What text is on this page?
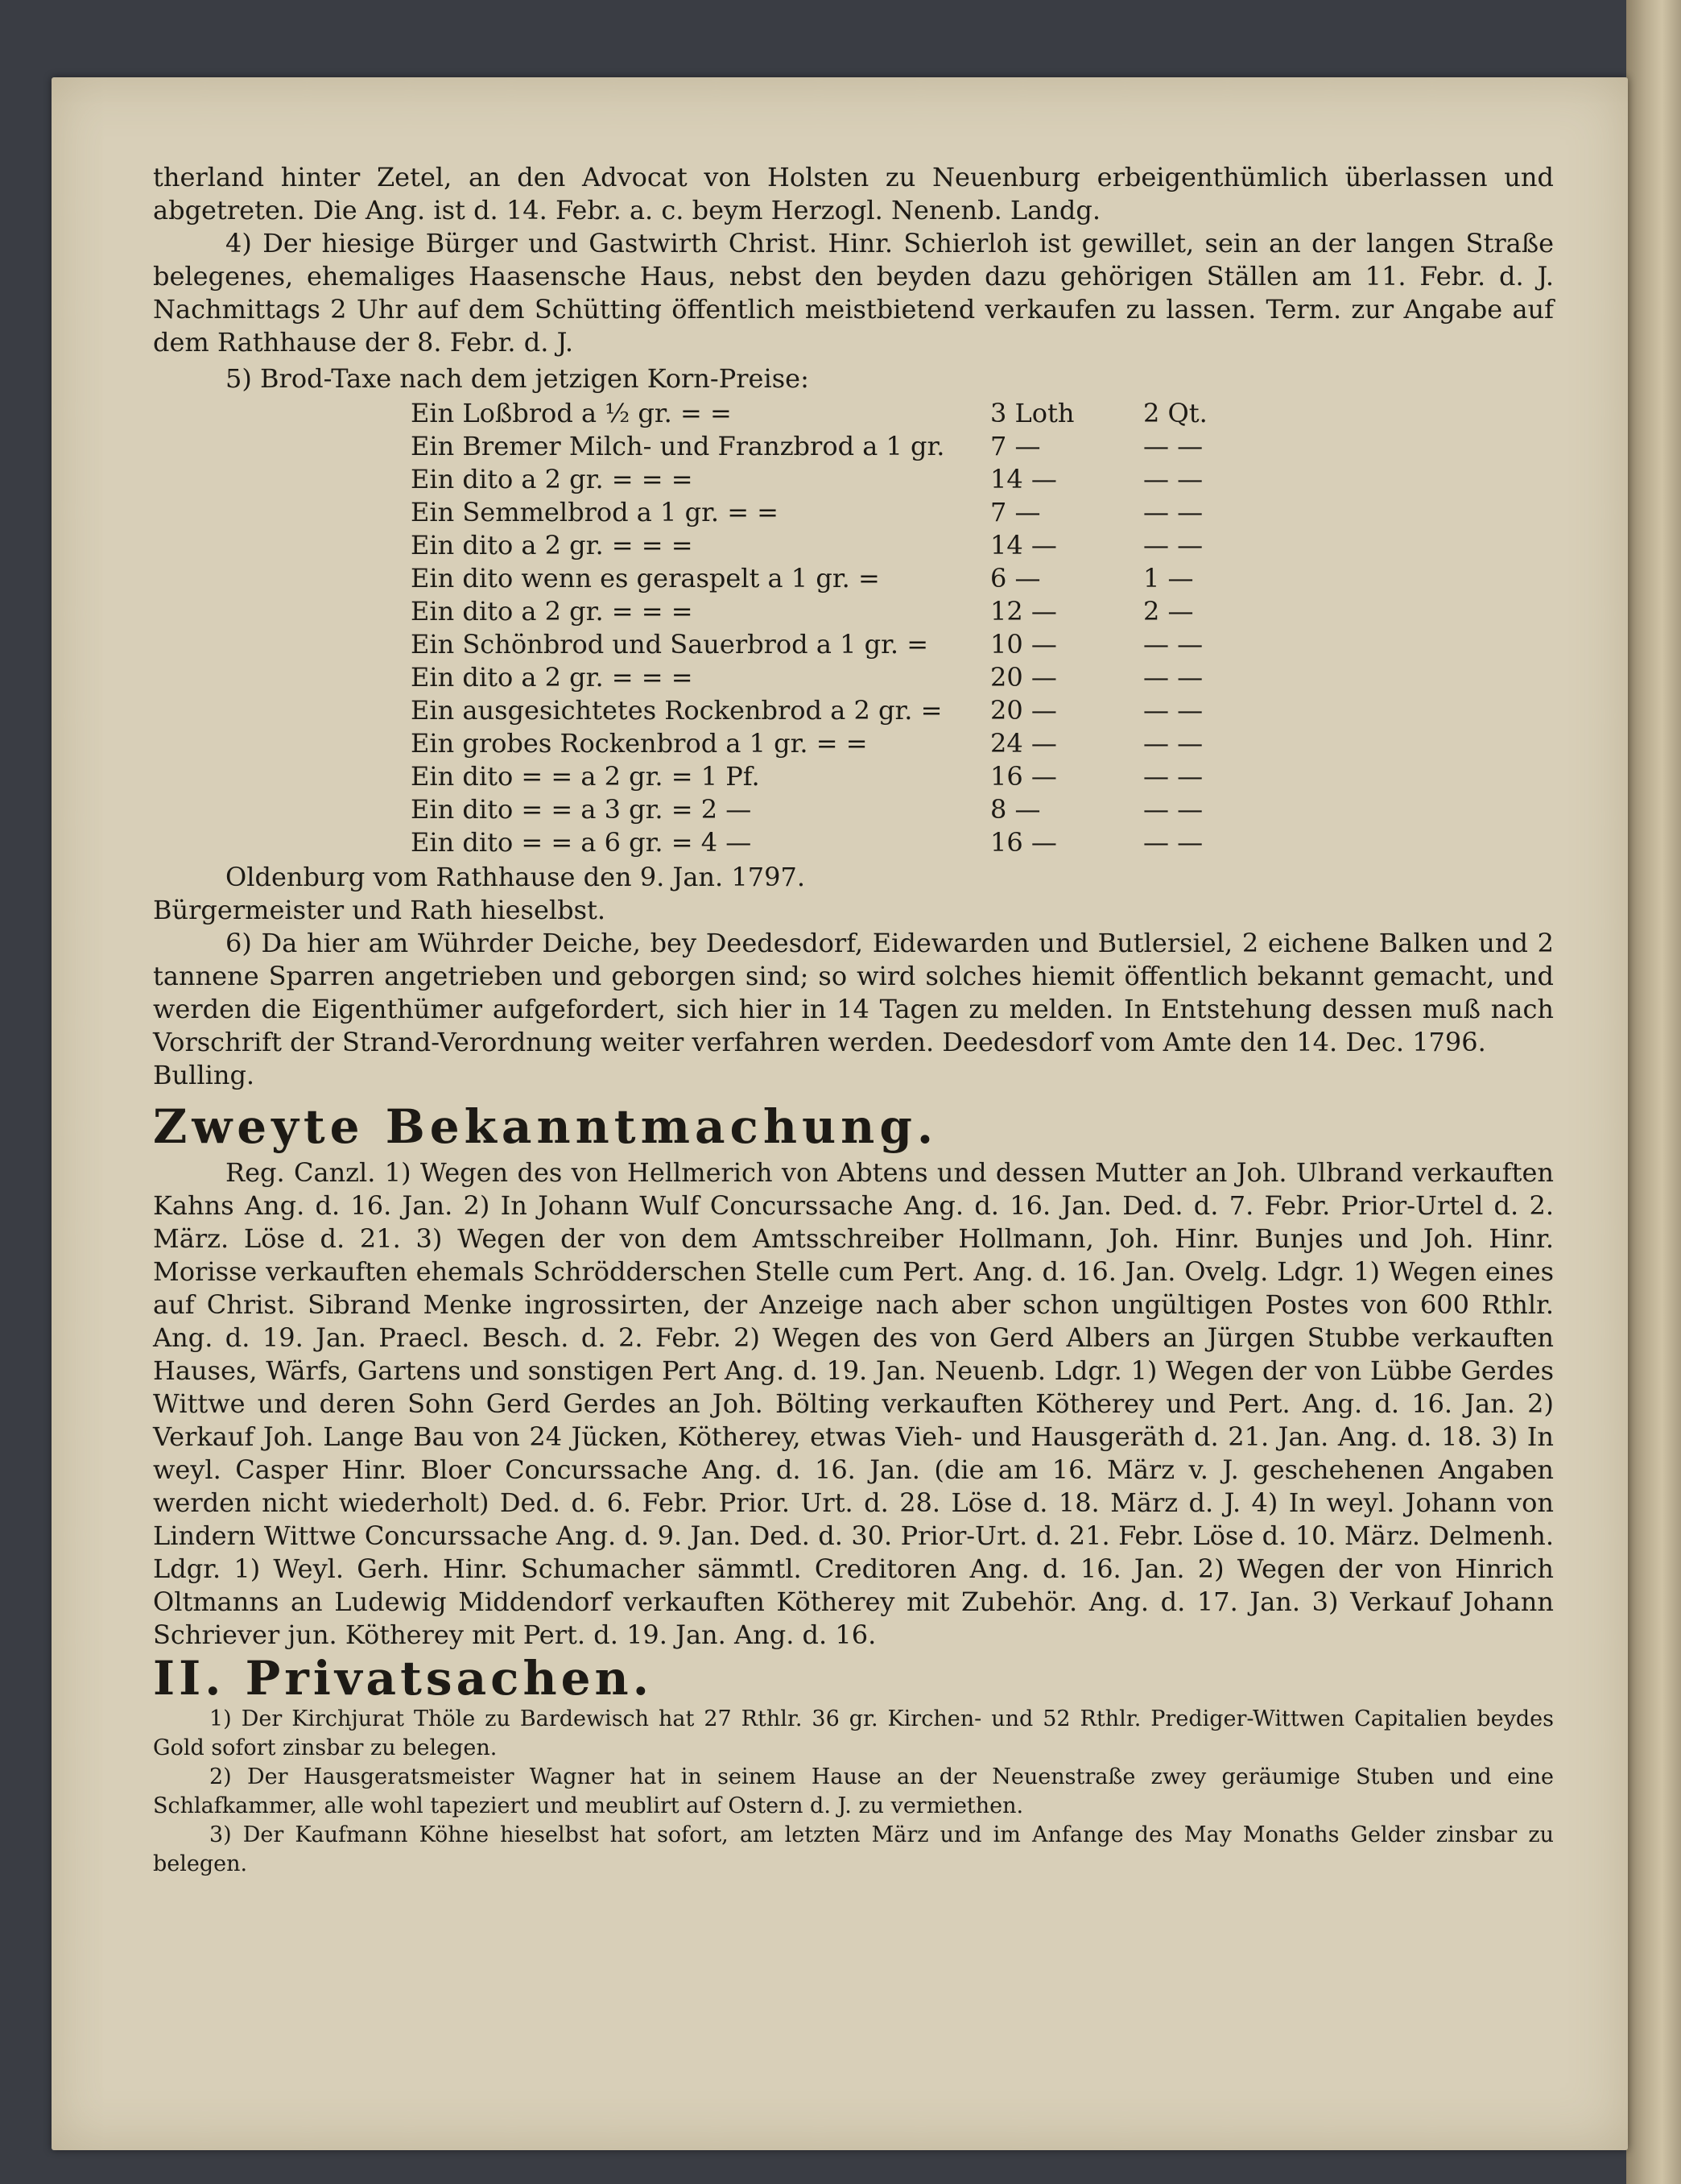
therland hinter Zetel, an den Advocat von Holsten zu Neuenburg erbeigenthümlich überlassen und abgetreten. Die Ang. ist d. 14. Febr. a. c. beym Herzogl. Nenenb. Landg.

4) Der hiesige Bürger und Gastwirth Christ. Hinr. Schierloh ist gewillet, sein an der langen Straße belegenes, ehemaliges Haasensche Haus, nebst den beyden dazu gehörigen Ställen am 11. Febr. d. J. Nachmittags 2 Uhr auf dem Schütting öffentlich meistbietend verkaufen zu lassen. Term. zur Angabe auf dem Rathhause der 8. Febr. d. J.

5) Brod-Taxe nach dem jetzigen Korn-Preise:

Ein Loßbrod a ½ gr. = =	3 Loth	2 Qt.
Ein Bremer Milch- und Franzbrod a 1 gr.	7 —	— —
Ein dito a 2 gr. = = =	14 —	— —
Ein Semmelbrod a 1 gr. = =	7 —	— —
Ein dito a 2 gr. = = =	14 —	— —
Ein dito wenn es geraspelt a 1 gr. =	6 —	1 —
Ein dito a 2 gr. = = =	12 —	2 —
Ein Schönbrod und Sauerbrod a 1 gr. =	10 —	— —
Ein dito a 2 gr. = = =	20 —	— —
Ein ausgesichtetes Rockenbrod a 2 gr. =	20 —	— —
Ein grobes Rockenbrod a 1 gr. = =	24 —	— —
Ein dito = = a 2 gr. = 1 Pf.	16 —	— —
Ein dito = = a 3 gr. = 2 —	8 —	— —
Ein dito = = a 6 gr. = 4 —	16 —	— —

Oldenburg vom Rathhause den 9. Jan. 1797.

Bürgermeister und Rath hieselbst.

6) Da hier am Wührder Deiche, bey Deedesdorf, Eidewarden und Butlersiel, 2 eichene Balken und 2 tannene Sparren angetrieben und geborgen sind; so wird solches hiemit öffentlich bekannt gemacht, und werden die Eigenthümer aufgefordert, sich hier in 14 Tagen zu melden. In Entstehung dessen muß nach Vorschrift der Strand-Verordnung weiter verfahren werden. Deedesdorf vom Amte den 14. Dec. 1796.

Bulling.

Zweyte Bekanntmachung.

Reg. Canzl. 1) Wegen des von Hellmerich von Abtens und dessen Mutter an Joh. Ulbrand verkauften Kahns Ang. d. 16. Jan. 2) In Johann Wulf Concurssache Ang. d. 16. Jan. Ded. d. 7. Febr. Prior-Urtel d. 2. März. Löse d. 21. 3) Wegen der von dem Amtsschreiber Hollmann, Joh. Hinr. Bunjes und Joh. Hinr. Morisse verkauften ehemals Schrödderschen Stelle cum Pert. Ang. d. 16. Jan. Ovelg. Ldgr. 1) Wegen eines auf Christ. Sibrand Menke ingrossirten, der Anzeige nach aber schon ungültigen Postes von 600 Rthlr. Ang. d. 19. Jan. Praecl. Besch. d. 2. Febr. 2) Wegen des von Gerd Albers an Jürgen Stubbe verkauften Hauses, Wärfs, Gartens und sonstigen Pert Ang. d. 19. Jan. Neuenb. Ldgr. 1) Wegen der von Lübbe Gerdes Wittwe und deren Sohn Gerd Gerdes an Joh. Bölting verkauften Kötherey und Pert. Ang. d. 16. Jan. 2) Verkauf Joh. Lange Bau von 24 Jücken, Kötherey, etwas Vieh- und Hausgeräth d. 21. Jan. Ang. d. 18. 3) In weyl. Casper Hinr. Bloer Concurssache Ang. d. 16. Jan. (die am 16. März v. J. geschehenen Angaben werden nicht wiederholt) Ded. d. 6. Febr. Prior. Urt. d. 28. Löse d. 18. März d. J. 4) In weyl. Johann von Lindern Wittwe Concurssache Ang. d. 9. Jan. Ded. d. 30. Prior-Urt. d. 21. Febr. Löse d. 10. März. Delmenh. Ldgr. 1) Weyl. Gerh. Hinr. Schumacher sämmtl. Creditoren Ang. d. 16. Jan. 2) Wegen der von Hinrich Oltmanns an Ludewig Middendorf verkauften Kötherey mit Zubehör. Ang. d. 17. Jan. 3) Verkauf Johann Schriever jun. Kötherey mit Pert. d. 19. Jan. Ang. d. 16.

II. Privatsachen.

1) Der Kirchjurat Thöle zu Bardewisch hat 27 Rthlr. 36 gr. Kirchen- und 52 Rthlr. Prediger-Wittwen Capitalien beydes Gold sofort zinsbar zu belegen.

2) Der Hausgeratsmeister Wagner hat in seinem Hause an der Neuenstraße zwey geräumige Stuben und eine Schlafkammer, alle wohl tapeziert und meublirt auf Ostern d. J. zu vermiethen.

3) Der Kaufmann Köhne hieselbst hat sofort, am letzten März und im Anfange des May Monaths Gelder zinsbar zu belegen.
